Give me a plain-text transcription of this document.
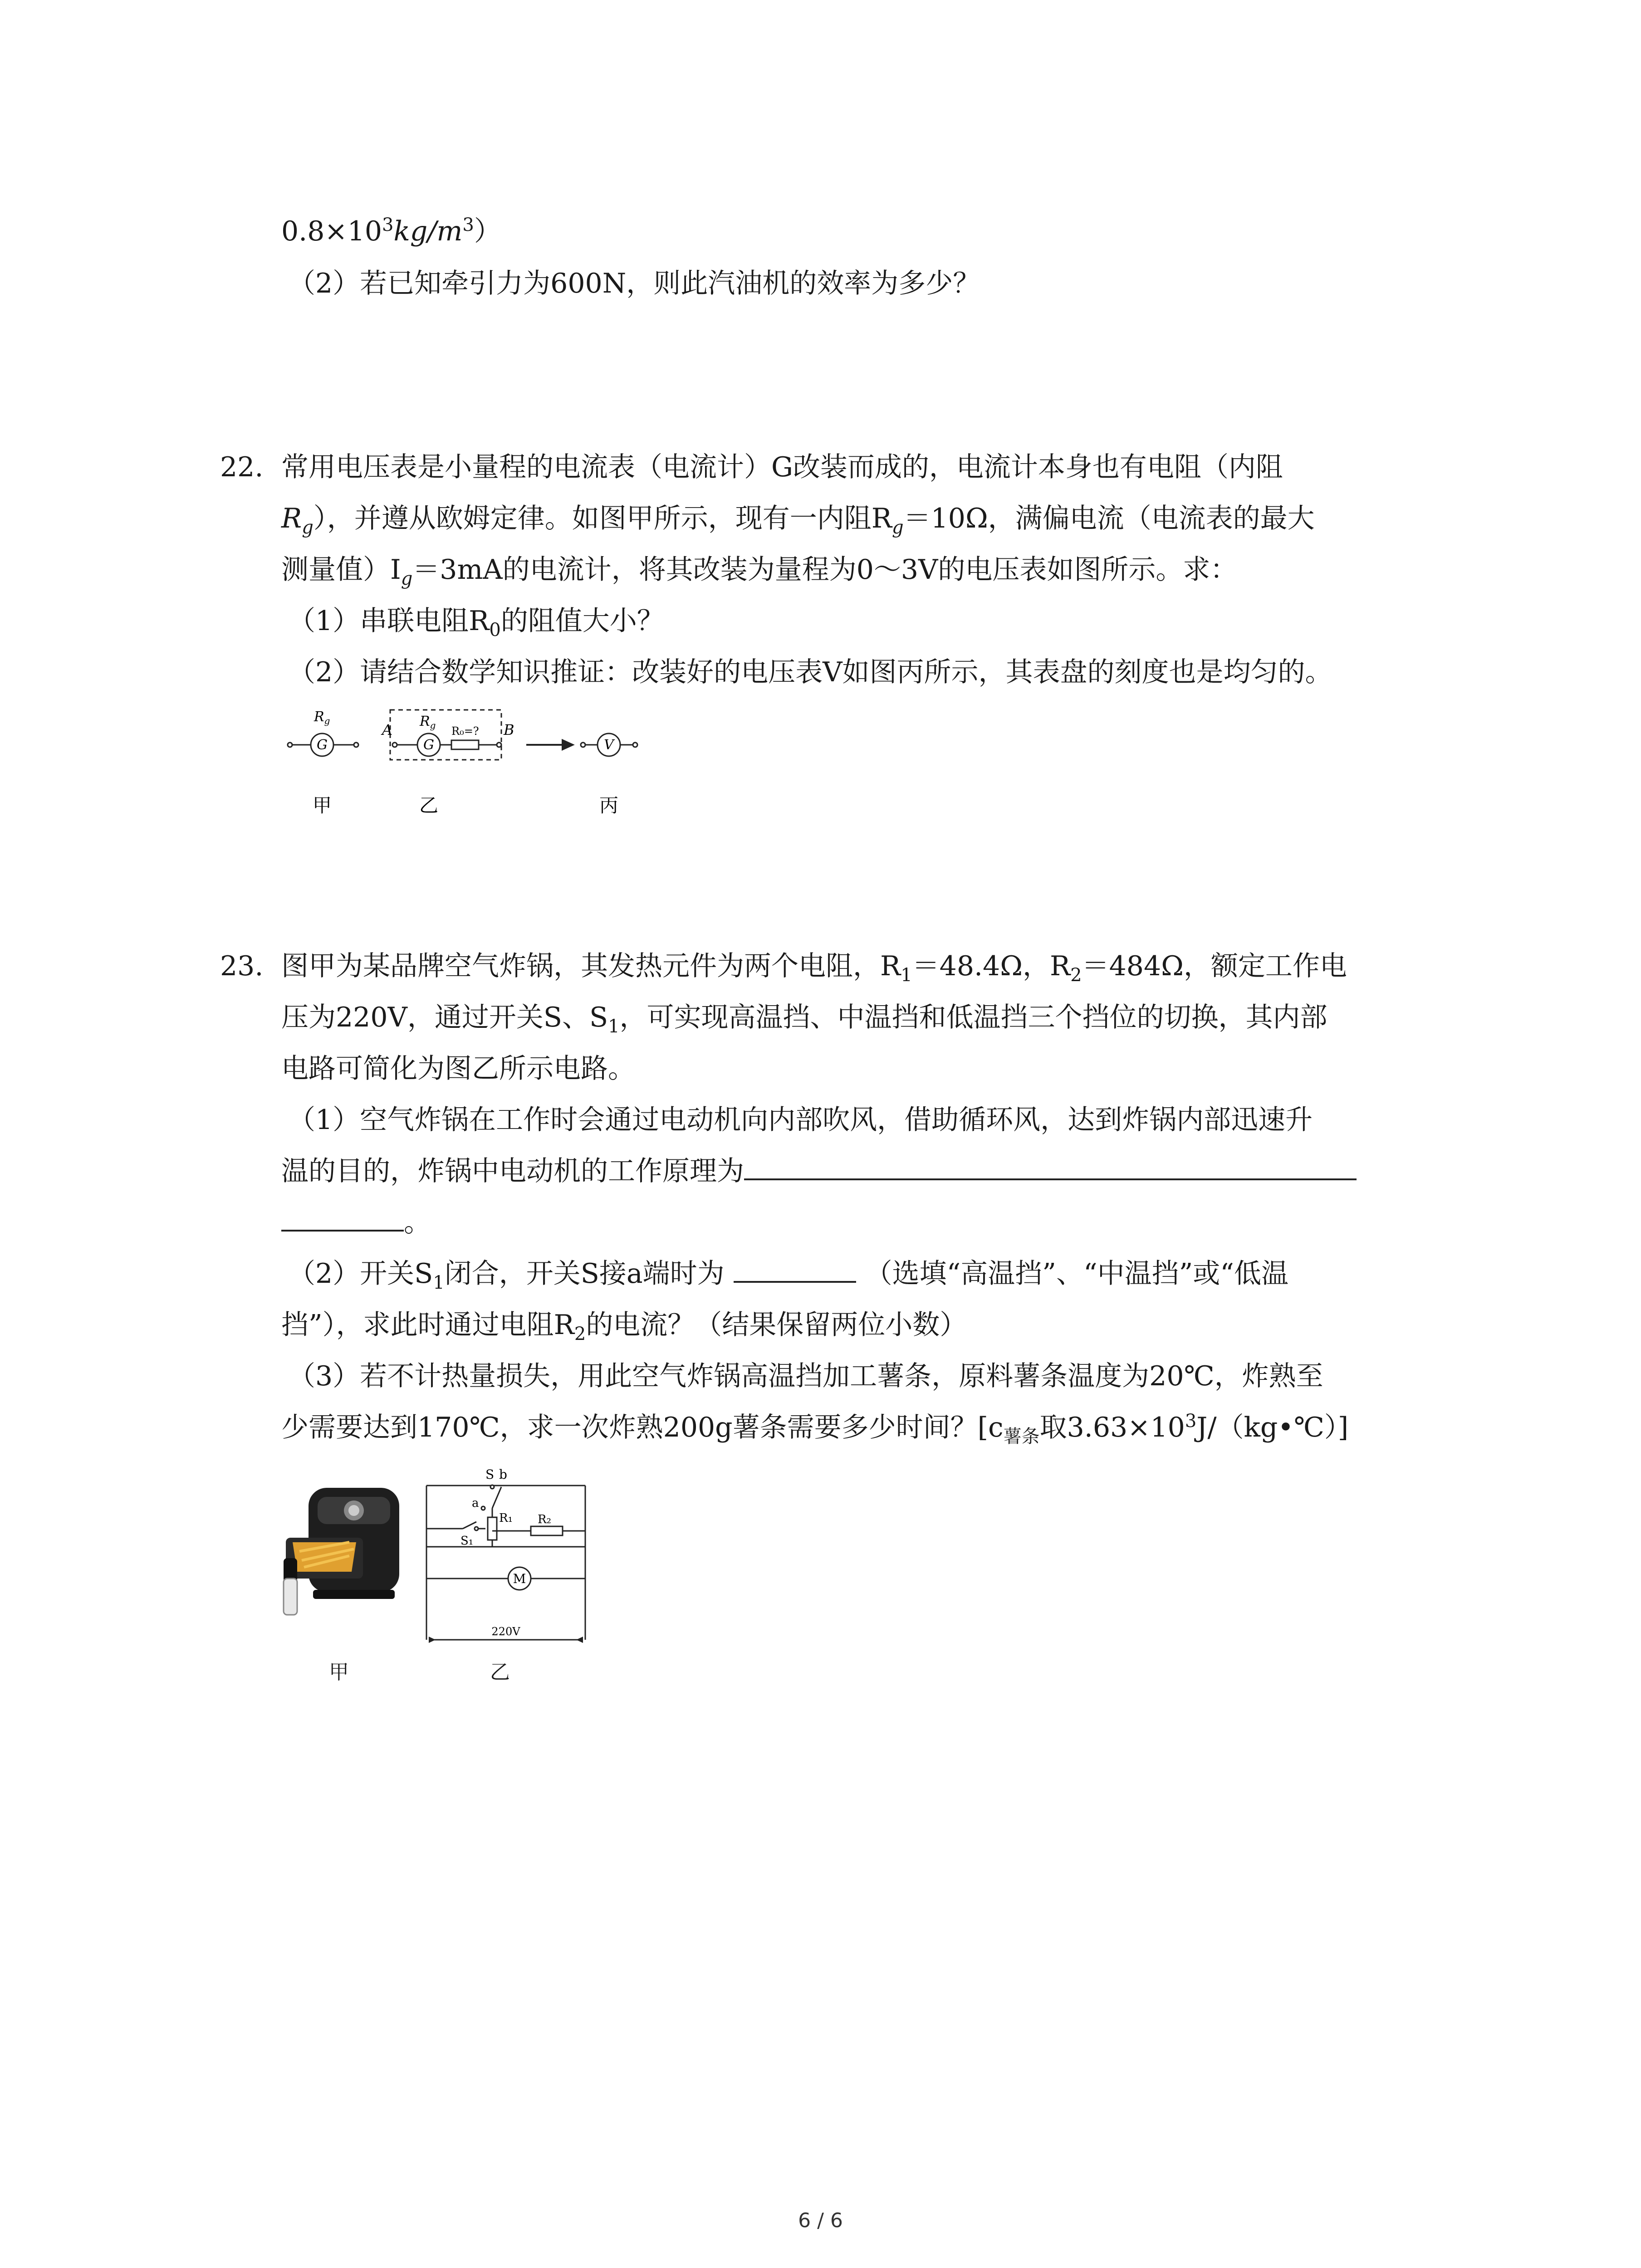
$0.8\times 10^3kg/m^3$）
（2）若已知牵引力为600N，则此汽油机的效率为多少？
22. 常用电压表是小量程的电流表（电流计）G改装而成的，电流计本身也有电阻（内阻
$R_g$），并遵从欧姆定律。如图甲所示，现有一内阻$R_g=10\Omega$，满偏电流（电流表的最大
测量值）$I_g=3mA$的电流计，将其改装为量程为0～3V的电压表如图所示。求：
（1）串联电阻$R_0$的阻值大小？
（2）请结合数学知识推证：改装好的电压表V如图丙所示，其表盘的刻度也是均匀的。
G
$R_g$
甲
G
$R_g$ R₀=?
A	B
乙
V
丙
23. 图甲为某品牌空气炸锅，其发热元件为两个电阻，$R_1=48.4\Omega$，$R_2=484\Omega$，额定工作电
压为220V，通过开关S、$S_1$，可实现高温挡、中温挡和低温挡三个挡位的切换，其内部
电路可简化为图乙所示电路。
（1）空气炸锅在工作时会通过电动机向内部吹风，借助循环风，达到炸锅内部迅速升
温的目的，炸锅中电动机的工作原理为
。
（2）开关$S_1$闭合，开关S接a端时为	（选填“高温挡”、“中温挡”或“低温
挡”），求此时通过电阻$R_2$的电流？（结果保留两位小数）
（3）若不计热量损失，用此空气炸锅高温挡加工薯条，原料薯条温度为20℃，炸熟至
少需要达到170℃，求一次炸熟200g薯条需要多少时间？[$c_{薯条}$取$3.63\times 10^3J/(kg•℃)$]
甲
S b
a
R₁ R₂
S₁
M
220V
乙
6 / 6
